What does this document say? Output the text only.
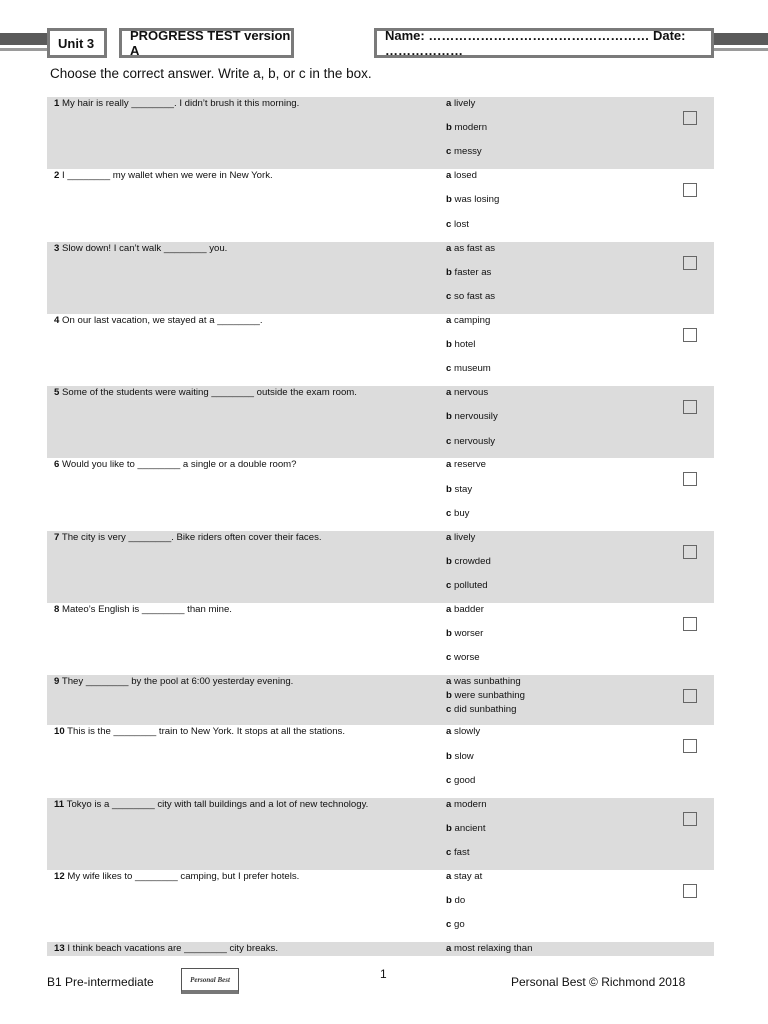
Unit 3	PROGRESS TEST version A
Name: …………………………………………… Date: ………………
Choose the correct answer. Write a, b, or c in the box.
1 My hair is really ________. I didn’t brush it this morning.	a lively
b modern
c messy
2 I ________ my wallet when we were in New York.	a losed
b was losing
c lost
3 Slow down! I can’t walk ________ you.	a as fast as
b faster as
c so fast as
4 On our last vacation, we stayed at a ________.	a camping
b hotel
c museum
5 Some of the students were waiting ________ outside the exam room.	a nervous
b nervousily
c nervously
6 Would you like to ________ a single or a double room?	a reserve
b stay
c buy
7 The city is very ________. Bike riders often cover their faces.	a lively
b crowded
c polluted
8 Mateo’s English is ________ than mine.	a badder
b worser
c worse
9 They ________ by the pool at 6:00 yesterday evening.	a was sunbathing
b were sunbathing
c did sunbathing
10 This is the ________ train to New York. It stops at all the stations.	a slowly
b slow
c good
11 Tokyo is a ________ city with tall buildings and a lot of new technology.	a modern
b ancient
c fast
12 My wife likes to ________ camping, but I prefer hotels.	a stay at
b do
c go
13 I think beach vacations are ________ city breaks.	a most relaxing than
B1 Pre-intermediate	Personal Best	1
Personal Best © Richmond 2018
